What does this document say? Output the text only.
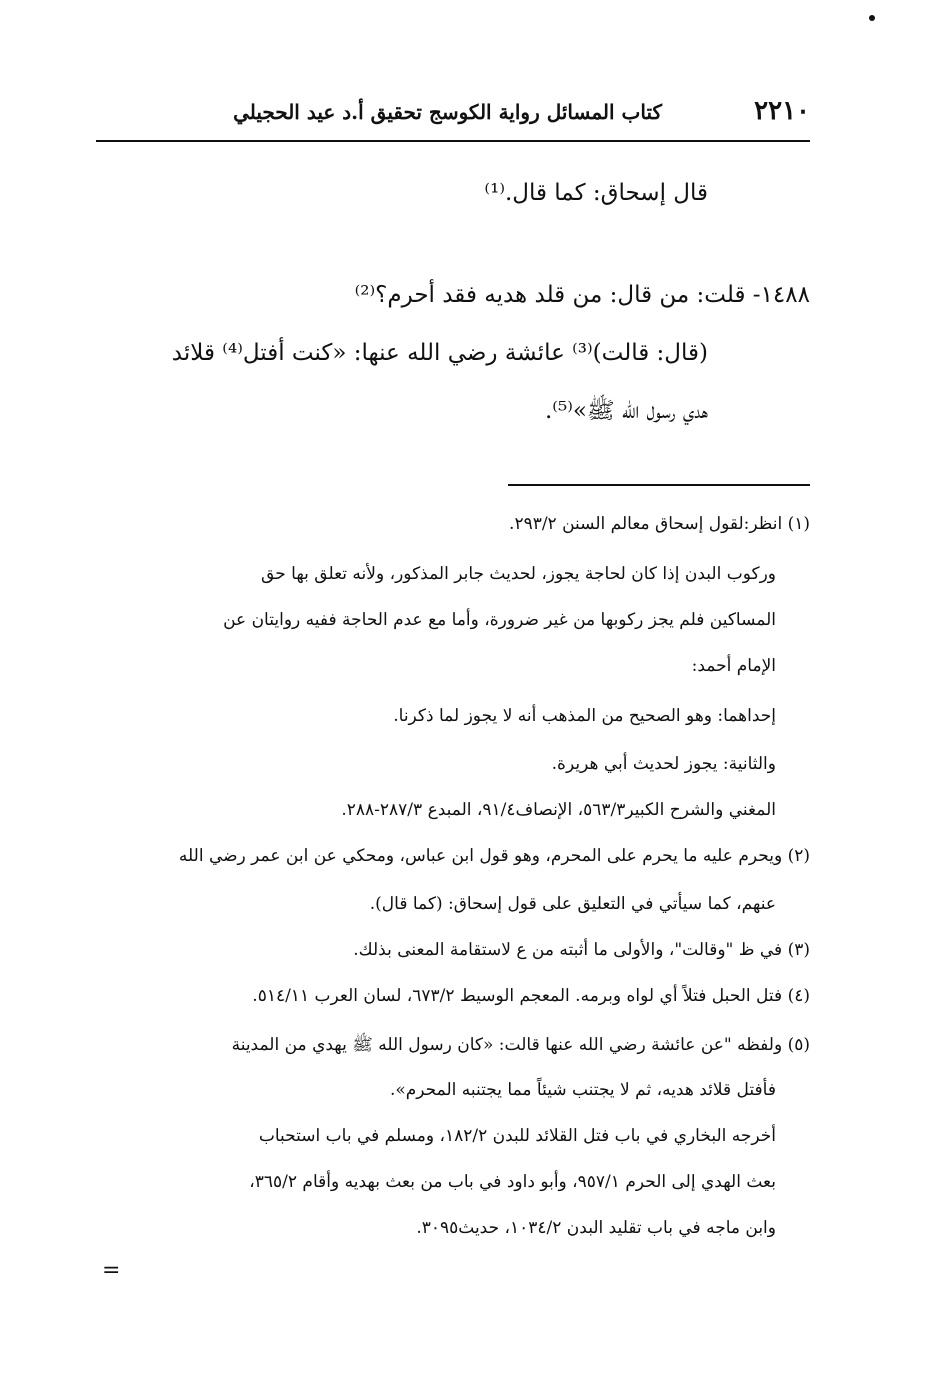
٢٢١٠
كتاب المسائل رواية الكوسج تحقيق أ.د عيد الحجيلي
قال إسحاق: كما قال.⁽¹⁾
١٤٨٨- قلت: من قال: من قلد هديه فقد أحرم؟⁽²⁾
(قال: قالت)⁽³⁾ عائشة رضي الله عنها: «كنت أفتل⁽⁴⁾ قلائد
هدي رسول الله ﷺ»⁽⁵⁾.
(١) انظر:لقول إسحاق معالم السنن ٢٩٣/٢.
وركوب البدن إذا كان لحاجة يجوز، لحديث جابر المذكور، ولأنه تعلق بها حق
المساكين فلم يجز ركوبها من غير ضرورة، وأما مع عدم الحاجة ففيه روايتان عن
الإمام أحمد:
إحداهما: وهو الصحيح من المذهب أنه لا يجوز لما ذكرنا.
والثانية: يجوز لحديث أبي هريرة.
المغني والشرح الكبير٥٦٣/٣، الإنصاف٩١/٤، المبدع ٢٨٧/٣-٢٨٨.
(٢) ويحرم عليه ما يحرم على المحرم، وهو قول ابن عباس، ومحكي عن ابن عمر رضي الله
عنهم، كما سيأتي في التعليق على قول إسحاق: (كما قال).
(٣) في ظ "وقالت"، والأولى ما أثبته من ع لاستقامة المعنى بذلك.
(٤) فتل الحبل فتلاً أي لواه وبرمه. المعجم الوسيط ٦٧٣/٢، لسان العرب ٥١٤/١١.
(٥) ولفظه "عن عائشة رضي الله عنها قالت: «كان رسول الله ﷺ يهدي من المدينة
فأفتل قلائد هديه، ثم لا يجتنب شيئاً مما يجتنبه المحرم».
أخرجه البخاري في باب فتل القلائد للبدن ١٨٢/٢، ومسلم في باب استحباب
بعث الهدي إلى الحرم ٩٥٧/١، وأبو داود في باب من بعث بهديه وأقام ٣٦٥/٢،
وابن ماجه في باب تقليد البدن ١٠٣٤/٢، حديث٣٠٩٥.
=
